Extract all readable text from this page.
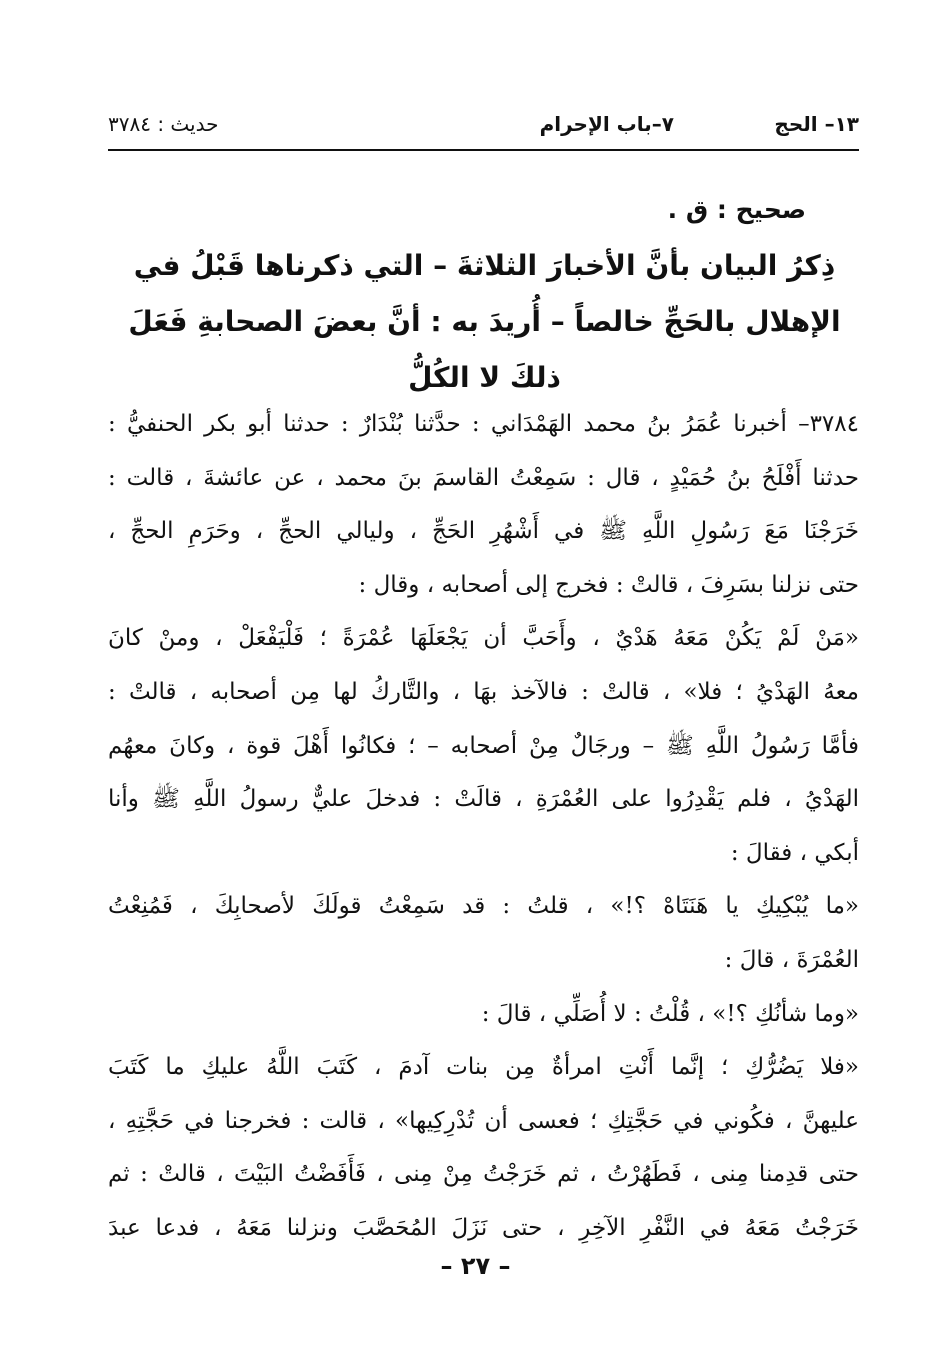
١٣– الحج
٧–باب الإحرام
حديث : ٣٧٨٤
صحيح : ق .
ذِكرُ البيان بأنَّ الأخبارَ الثلاثةَ – التي ذكرناها قَبْلُ في
الإهلال بالحَجِّ خالصاً – أُريدَ به : أنَّ بعضَ الصحابةِ فَعَلَ
ذلكَ لا الكُلُّ
٣٧٨٤– أخبرنا عُمَرُ بنُ محمد الهَمْدَاني : حدَّثنا بُنْدَارٌ : حدثنا أبو بكر الحنفيُّ :
حدثنا أَفْلَحُ بنُ حُمَيْدٍ ، قال : سَمِعْتُ القاسمَ بنَ محمد ، عن عائشةَ ، قالت :
خَرَجْنَا مَعَ رَسُولِ اللَّهِ ﷺ في أَشْهُرِ الحَجِّ ، وليالي الحجِّ ، وحَرَمِ الحجِّ ،
حتى نزلنا بسَرِفَ ، قالتْ : فخرج إلى أصحابه ، وقال :
«مَنْ لَمْ يَكُنْ مَعَهُ هَدْيٌ ، وأَحَبَّ أن يَجْعَلَهَا عُمْرَةً ؛ فَلْيَفْعَلْ ، ومنْ كانَ
معهُ الهَدْيُ ؛ فلا» ، قالتْ : فالآخذ بهَا ، والتَّاركُ لها مِن أصحابه ، قالتْ :
فأمَّا رَسُولُ اللَّهِ ﷺ – ورجَالٌ مِنْ أصحابه – ؛ فكانُوا أَهْلَ قوة ، وكانَ معهُم
الهَدْيُ ، فلم يَقْدِرُوا على العُمْرَةِ ، قالَتْ : فدخلَ عليٌّ رسولُ اللَّهِ ﷺ وأنا
أبكي ، فقالَ :
«ما يُبْكِيكِ يا هَنَتَاهْ ؟!» ، قلتُ : قد سَمِعْتُ قولَكَ لأصحابِكَ ، فَمُنِعْتُ
العُمْرَةَ ، قالَ :
«وما شأنُكِ ؟!» ، قُلْتُ : لا أُصَلِّي ، قالَ :
«فلا يَضُرُّكِ ؛ إنَّما أَنْتِ امرأةٌ مِن بنات آدمَ ، كَتَبَ اللَّهُ عليكِ ما كَتَبَ
عليهنَّ ، فكُوني في حَجَّتِكِ ؛ فعسى أن تُدْرِكِيها» ، قالت : فخرجنا في حَجَّتِهِ ،
حتى قدِمنا مِنى ، فَطَهُرْتُ ، ثم خَرَجْتُ مِنْ مِنى ، فَأَفَضْتُ البَيْتَ ، قالتْ : ثم
خَرَجْتُ مَعَهُ في النَّفْرِ الآخِرِ ، حتى نَزَلَ المُحَصَّبَ ونزلنا مَعَهُ ، فدعا عبدَ
– ٢٧ –
